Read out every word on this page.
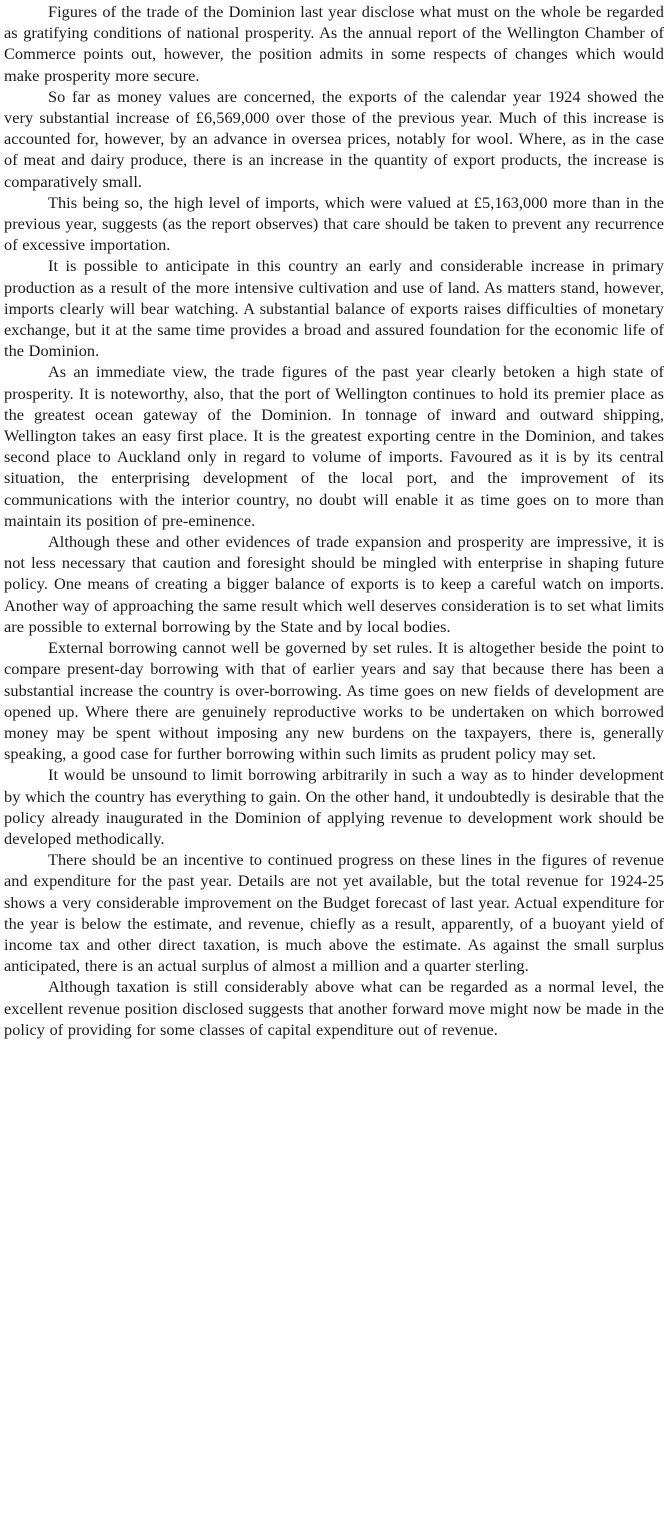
Figures of the trade of the Dominion last year disclose what must on the whole be regarded as gratifying conditions of national prosperity. As the annual report of the Wellington Chamber of Commerce points out, however, the position admits in some respects of changes which would make prosperity more secure.

So far as money values are concerned, the exports of the calendar year 1924 showed the very substantial increase of £6,569,000 over those of the previous year. Much of this increase is accounted for, however, by an advance in oversea prices, notably for wool. Where, as in the case of meat and dairy produce, there is an increase in the quantity of export products, the increase is comparatively small.

This being so, the high level of imports, which were valued at £5,163,000 more than in the previous year, suggests (as the report observes) that care should be taken to prevent any recurrence of excessive importation.

It is possible to anticipate in this country an early and considerable increase in primary production as a result of the more intensive cultivation and use of land. As matters stand, however, imports clearly will bear watching. A substantial balance of exports raises difficulties of monetary exchange, but it at the same time provides a broad and assured foundation for the economic life of the Dominion.

As an immediate view, the trade figures of the past year clearly betoken a high state of prosperity. It is noteworthy, also, that the port of Wellington continues to hold its premier place as the greatest ocean gateway of the Dominion. In tonnage of inward and outward shipping, Wellington takes an easy first place. It is the greatest exporting centre in the Dominion, and takes second place to Auckland only in regard to volume of imports. Favoured as it is by its central situation, the enterprising development of the local port, and the improvement of its communications with the interior country, no doubt will enable it as time goes on to more than maintain its position of pre-eminence.

Although these and other evidences of trade expansion and prosperity are impressive, it is not less necessary that caution and foresight should be mingled with enterprise in shaping future policy. One means of creating a bigger balance of exports is to keep a careful watch on imports. Another way of approaching the same result which well deserves consideration is to set what limits are possible to external borrowing by the State and by local bodies.

External borrowing cannot well be governed by set rules. It is altogether beside the point to compare present-day borrowing with that of earlier years and say that because there has been a substantial increase the country is over-borrowing. As time goes on new fields of development are opened up. Where there are genuinely reproductive works to be undertaken on which borrowed money may be spent without imposing any new burdens on the taxpayers, there is, generally speaking, a good case for further borrowing within such limits as prudent policy may set.

It would be unsound to limit borrowing arbitrarily in such a way as to hinder development by which the country has everything to gain. On the other hand, it undoubtedly is desirable that the policy already inaugurated in the Dominion of applying revenue to development work should be developed methodically.

There should be an incentive to continued progress on these lines in the figures of revenue and expenditure for the past year. Details are not yet available, but the total revenue for 1924-25 shows a very considerable improvement on the Budget forecast of last year. Actual expenditure for the year is below the estimate, and revenue, chiefly as a result, apparently, of a buoyant yield of income tax and other direct taxation, is much above the estimate. As against the small surplus anticipated, there is an actual surplus of almost a million and a quarter sterling.

Although taxation is still considerably above what can be regarded as a normal level, the excellent revenue position disclosed suggests that another forward move might now be made in the policy of providing for some classes of capital expenditure out of revenue.
